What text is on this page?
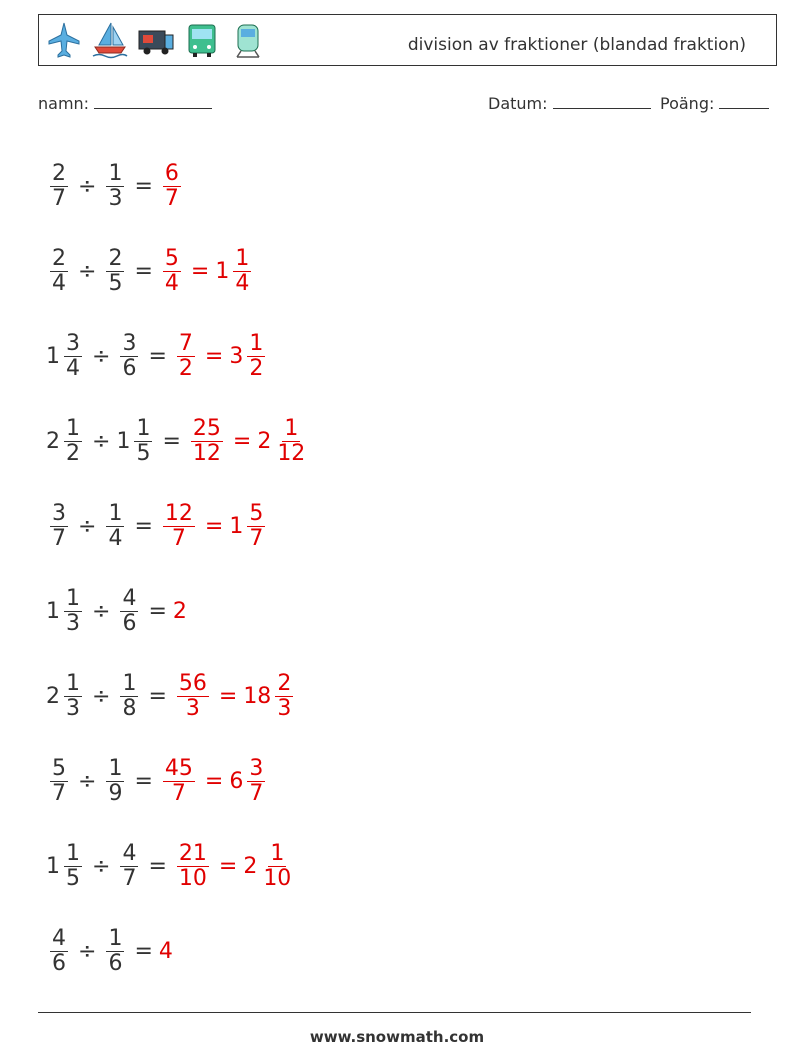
division av fraktioner (blandad fraktion)
namn:	Datum:	Poäng:
$\frac{2}{7} \div \frac{1}{3} = \frac{6}{7}$
$\frac{2}{4} \div \frac{2}{5} = \frac{5}{4} = 1 \frac{1}{4}$
$1 \frac{3}{4} \div \frac{3}{6} = \frac{7}{2} = 3 \frac{1}{2}$
$2 \frac{1}{2} \div 1 \frac{1}{5} = \frac{25}{12} = 2 \frac{1}{12}$
$\frac{3}{7} \div \frac{1}{4} = \frac{12}{7} = 1 \frac{5}{7}$
$1 \frac{1}{3} \div \frac{4}{6} = 2$
$2 \frac{1}{3} \div \frac{1}{8} = \frac{56}{3} = 18 \frac{2}{3}$
$\frac{5}{7} \div \frac{1}{9} = \frac{45}{7} = 6 \frac{3}{7}$
$1 \frac{1}{5} \div \frac{4}{7} = \frac{21}{10} = 2 \frac{1}{10}$
$\frac{4}{6} \div \frac{1}{6} = 4$
www.snowmath.com
